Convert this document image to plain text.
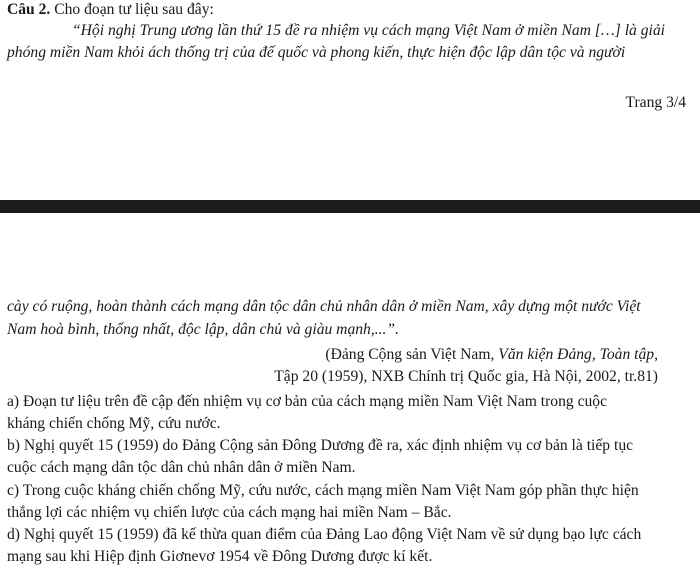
Câu 2. Cho đoạn tư liệu sau đây:
“Hội nghị Trung ương lần thứ 15 đề ra nhiệm vụ cách mạng Việt Nam ở miền Nam […] là giải
phóng miền Nam khỏi ách thống trị của đế quốc và phong kiến, thực hiện độc lập dân tộc và người
Trang 3/4
cày có ruộng, hoàn thành cách mạng dân tộc dân chủ nhân dân ở miền Nam, xây dựng một nước Việt
Nam hoà bình, thống nhất, độc lập, dân chủ và giàu mạnh,...”.
(Đảng Cộng sản Việt Nam, Văn kiện Đảng, Toàn tập,
Tập 20 (1959), NXB Chính trị Quốc gia, Hà Nội, 2002, tr.81)
a) Đoạn tư liệu trên đề cập đến nhiệm vụ cơ bản của cách mạng miền Nam Việt Nam trong cuộc
kháng chiến chống Mỹ, cứu nước.
b) Nghị quyết 15 (1959) do Đảng Cộng sản Đông Dương đề ra, xác định nhiệm vụ cơ bản là tiếp tục
cuộc cách mạng dân tộc dân chủ nhân dân ở miền Nam.
c) Trong cuộc kháng chiến chống Mỹ, cứu nước, cách mạng miền Nam Việt Nam góp phần thực hiện
thắng lợi các nhiệm vụ chiến lược của cách mạng hai miền Nam – Bắc.
d) Nghị quyết 15 (1959) đã kế thừa quan điểm của Đảng Lao động Việt Nam về sử dụng bạo lực cách
mạng sau khi Hiệp định Giơnevơ 1954 về Đông Dương được kí kết.
